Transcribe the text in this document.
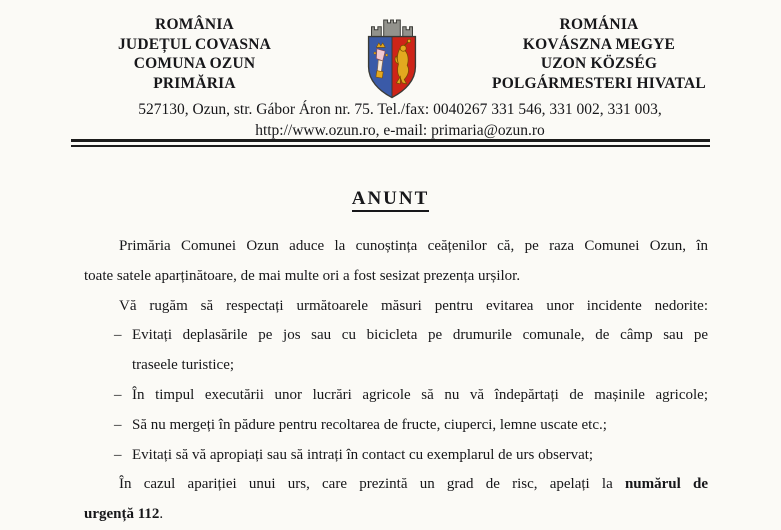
ROMÂNIA
JUDEȚUL COVASNA
COMUNA OZUN
PRIMĂRIA
ROMÁNIA
KOVÁSZNA MEGYE
UZON KÖZSÉG
POLGÁRMESTERI HIVATAL
527130, Ozun, str. Gábor Áron nr. 75. Tel./fax: 0040267 331 546, 331 002, 331 003,
http://www.ozun.ro, e-mail: primaria@ozun.ro
ANUNT
Primăria Comunei Ozun aduce la cunoștința ceățenilor că, pe raza Comunei Ozun, în
toate satele aparținătoare, de mai multe ori a fost sesizat prezența urșilor.
Vă rugăm să respectați următoarele măsuri pentru evitarea unor incidente nedorite:
– Evitați deplasările pe jos sau cu bicicleta pe drumurile comunale, de câmp sau pe
traseele turistice;
– În timpul executării unor lucrări agricole să nu vă îndepărtați de mașinile agricole;
– Să nu mergeți în pădure pentru recoltarea de fructe, ciuperci, lemne uscate etc.;
– Evitați să vă apropiați sau să intrați în contact cu exemplarul de urs observat;
În cazul apariției unui urs, care prezintă un grad de risc, apelați la numărul de
urgență 112.
